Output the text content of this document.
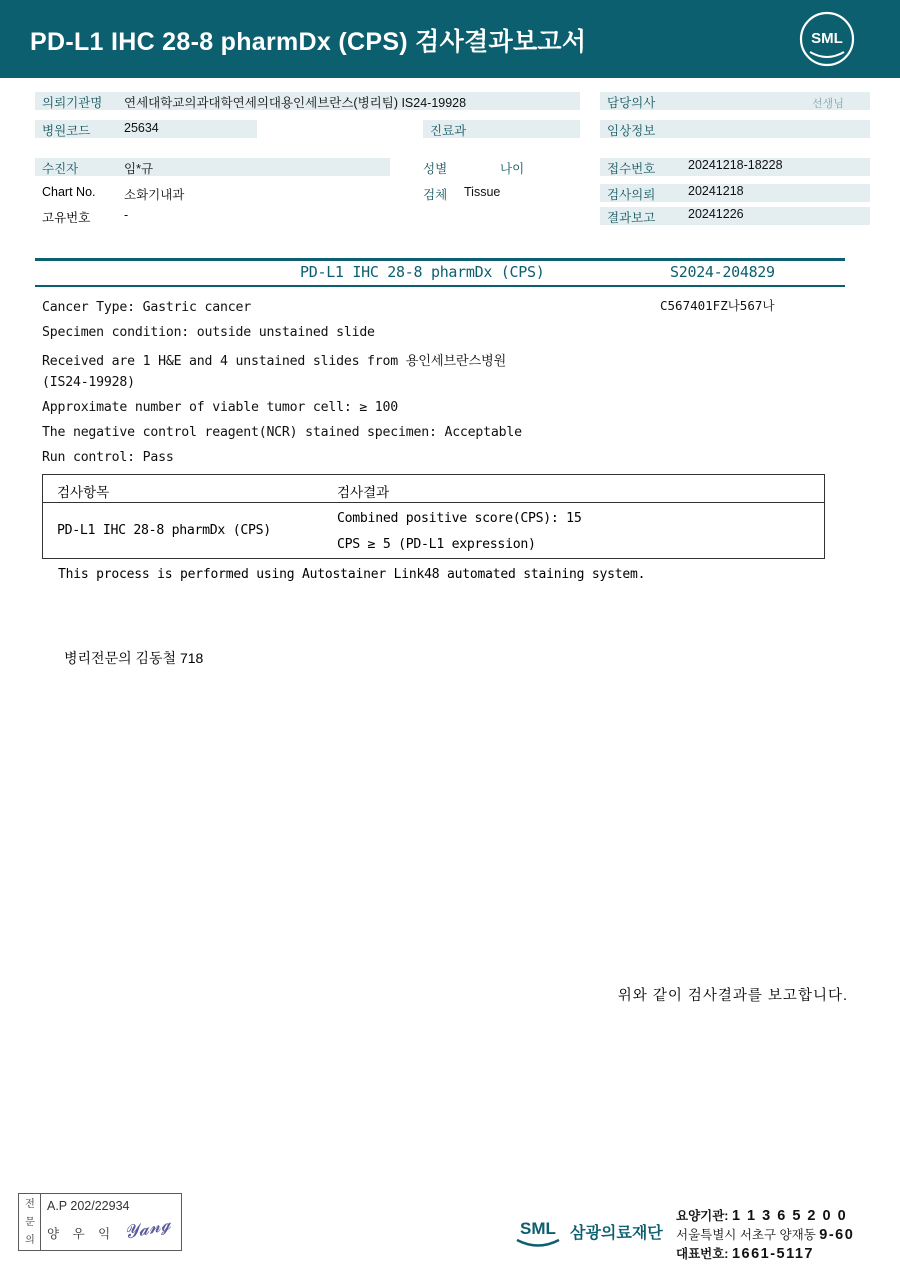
PD-L1 IHC 28-8 pharmDx (CPS) 검사결과보고서	SML
의뢰기관명 연세대학교의과대학연세의대용인세브란스(병리팀) IS24-19928	담당의사	선생님
병원코드	25634	진료과	임상정보
수진자	임*규	성별	나이	접수번호	20241218-18228
Chart No. 소화기내과	검체 Tissue	검사의뢰	20241218
고유번호	-	결과보고	20241226
PD-L1 IHC 28-8 pharmDx (CPS)	S2024-204829
C567401FZ나567나
Cancer Type: Gastric cancer
Specimen condition: outside unstained slide
Received are 1 H&E and 4 unstained slides from 용인세브란스병원
(IS24-19928)
Approximate number of viable tumor cell: ≥ 100
The negative control reagent(NCR) stained specimen: Acceptable
Run control: Pass
검사항목	검사결과
PD-L1 IHC 28-8 pharmDx (CPS)
Combined positive score(CPS): 15
CPS ≥ 5 (PD-L1 expression)
This process is performed using Autostainer Link48 automated staining system.
병리전문의 김동철 718
위와 같이 검사결과를 보고합니다.
전문의
A.P 202/22934
양 우 익 𝓨𝓪𝓷𝓰	SML 삼광의료재단
요양기관: 1 1 3 6 5 2 0 0
서울특별시 서초구 양재동 9-60
대표번호: 1661-5117
